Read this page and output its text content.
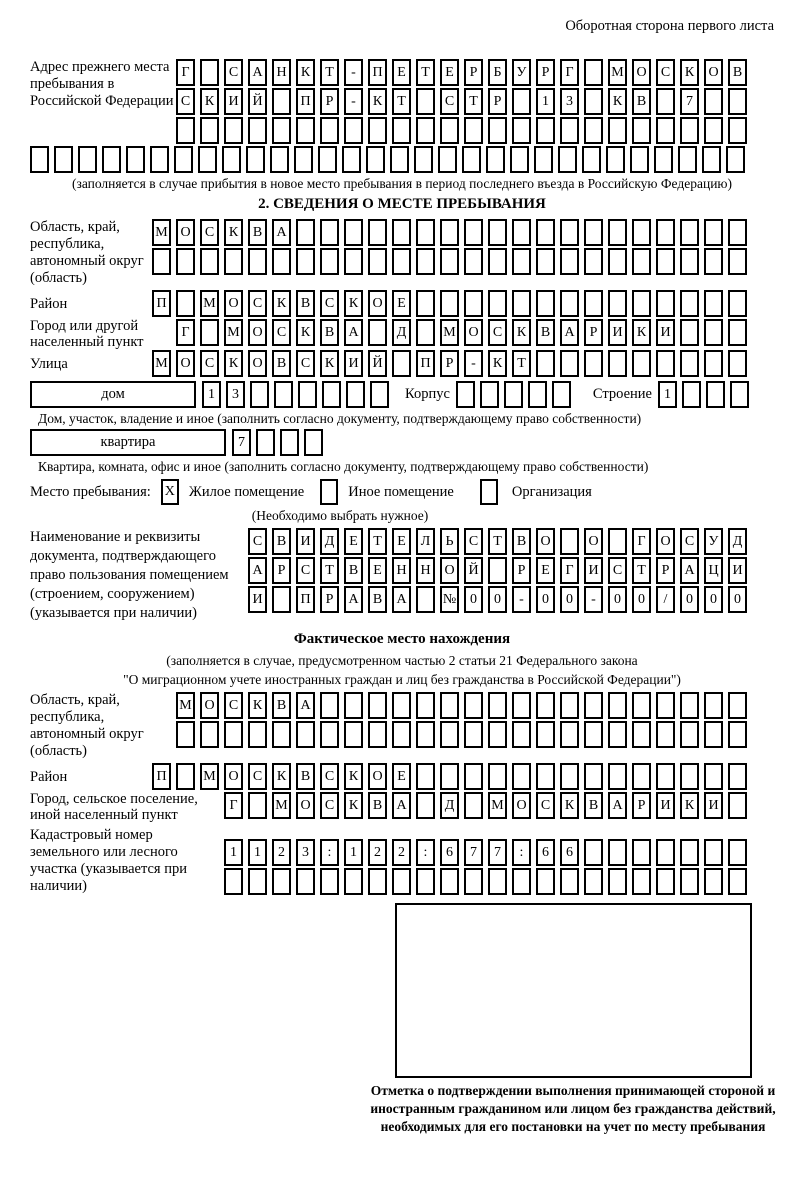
Оборотная сторона первого листа
Адрес прежнего места пребывания в Российской Федерации
Г	С	А Н	К	Т	-	П	Е	Т	Е	Р	Б	У	Р	Г	М О	С	К	О	В
С	К	И Й	П	Р	-	К	Т	С	Т	Р	1	3	К	В	7
(заполняется в случае прибытия в новое место пребывания в период последнего въезда в Российскую Федерацию)
2. СВЕДЕНИЯ О МЕСТЕ ПРЕБЫВАНИЯ
Область, край, республика, автономный округ (область)
М О	С	К	В	А
Район	П	М О	С	К	В	С	К	О	Е
Город или другой населенный пункт
Г	М О	С	К	В	А	Д	М О	С	К	В	А	Р	И	К	И
Улица	М О	С	К	О	В	С	К	И Й	П	Р	-	К	Т
дом	1	3	Корпус	Строение 1
Дом, участок, владение и иное (заполнить согласно документу, подтверждающему право собственности)
квартира	7
Квартира, комната, офис и иное (заполнить согласно документу, подтверждающему право собственности)
Место пребывания: X Жилое помещение	Иное помещение	Организация
(Необходимо выбрать нужное)
Наименование и реквизиты документа, подтверждающего право пользования помещением (строением, сооружением) (указывается при наличии)
С	В	И	Д	Е	Т	Е	Л	Ь	С	Т	В	О	О	Г	О	С	У	Д
А	Р	С	Т	В	Е	Н Н О Й	Р	Е	Г	И	С	Т	Р	А Ц И
И	П	Р	А	В	А	№ 0	0	-	0	0	-	0	0	/	0	0	0
Фактическое место нахождения
(заполняется в случае, предусмотренном частью 2 статьи 21 Федерального закона
"О миграционном учете иностранных граждан и лиц без гражданства в Российской Федерации")
Область, край, республика, автономный округ (область)
М О	С	К	В	А
Район	П	М О	С	К	В	С	К	О	Е
Город, сельское поселение, иной населенный пункт
Г	М О	С	К	В	А	Д	М О	С	К	В	А	Р	И	К	И
Кадастровый номер земельного или лесного участка (указывается при наличии)
1	1	2	3	:	1	2	2	:	6	7	7	:	6	6
Отметка о подтверждении выполнения принимающей стороной и иностранным гражданином или лицом без гражданства действий, необходимых для его постановки на учет по месту пребывания
